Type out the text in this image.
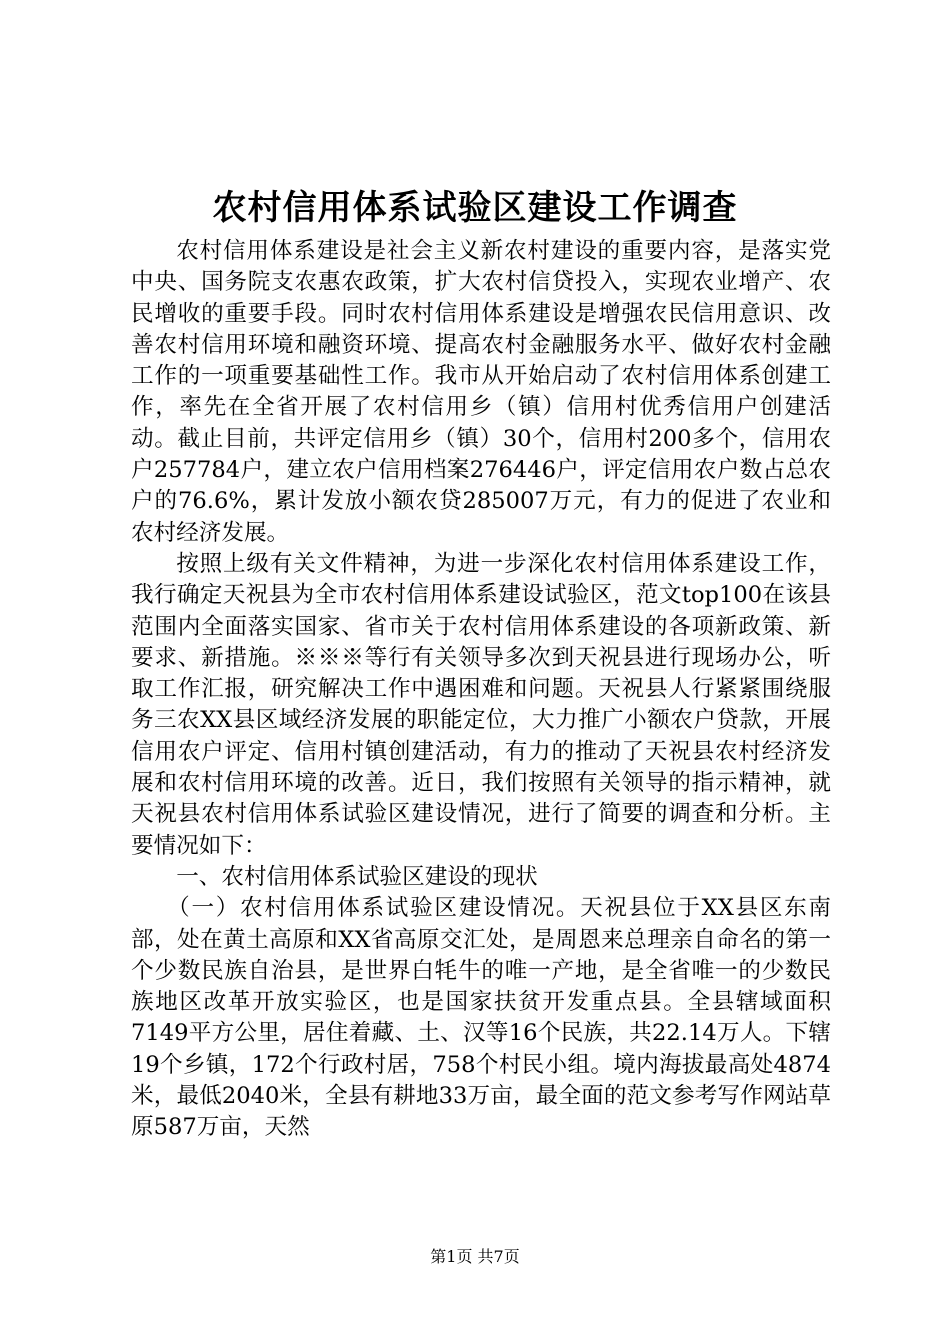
农村信用体系试验区建设工作调查

农村信用体系建设是社会主义新农村建设的重要内容，是落实党中央、国务院支农惠农政策，扩大农村信贷投入，实现农业增产、农民增收的重要手段。同时农村信用体系建设是增强农民信用意识、改善农村信用环境和融资环境、提高农村金融服务水平、做好农村金融工作的一项重要基础性工作。我市从开始启动了农村信用体系创建工作，率先在全省开展了农村信用乡（镇）信用村优秀信用户创建活动。截止目前，共评定信用乡（镇）30个，信用村200多个，信用农户257784户，建立农户信用档案276446户，评定信用农户数占总农户的76.6%，累计发放小额农贷285007万元，有力的促进了农业和农村经济发展。

按照上级有关文件精神，为进一步深化农村信用体系建设工作，我行确定天祝县为全市农村信用体系建设试验区，范文top100在该县范围内全面落实国家、省市关于农村信用体系建设的各项新政策、新要求、新措施。※※※等行有关领导多次到天祝县进行现场办公，听取工作汇报，研究解决工作中遇困难和问题。天祝县人行紧紧围绕服务三农XX县区域经济发展的职能定位，大力推广小额农户贷款，开展信用农户评定、信用村镇创建活动，有力的推动了天祝县农村经济发展和农村信用环境的改善。近日，我们按照有关领导的指示精神，就天祝县农村信用体系试验区建设情况，进行了简要的调查和分析。主要情况如下：

一、农村信用体系试验区建设的现状

（一）农村信用体系试验区建设情况。天祝县位于XX县区东南部，处在黄土高原和XX省高原交汇处，是周恩来总理亲自命名的第一个少数民族自治县，是世界白牦牛的唯一产地，是全省唯一的少数民族地区改革开放实验区，也是国家扶贫开发重点县。全县辖域面积7149平方公里，居住着藏、土、汉等16个民族，共22.14万人。下辖19个乡镇，172个行政村居，758个村民小组。境内海拔最高处4874米，最低2040米，全县有耕地33万亩，最全面的范文参考写作网站草原587万亩，天然

第1页 共7页
